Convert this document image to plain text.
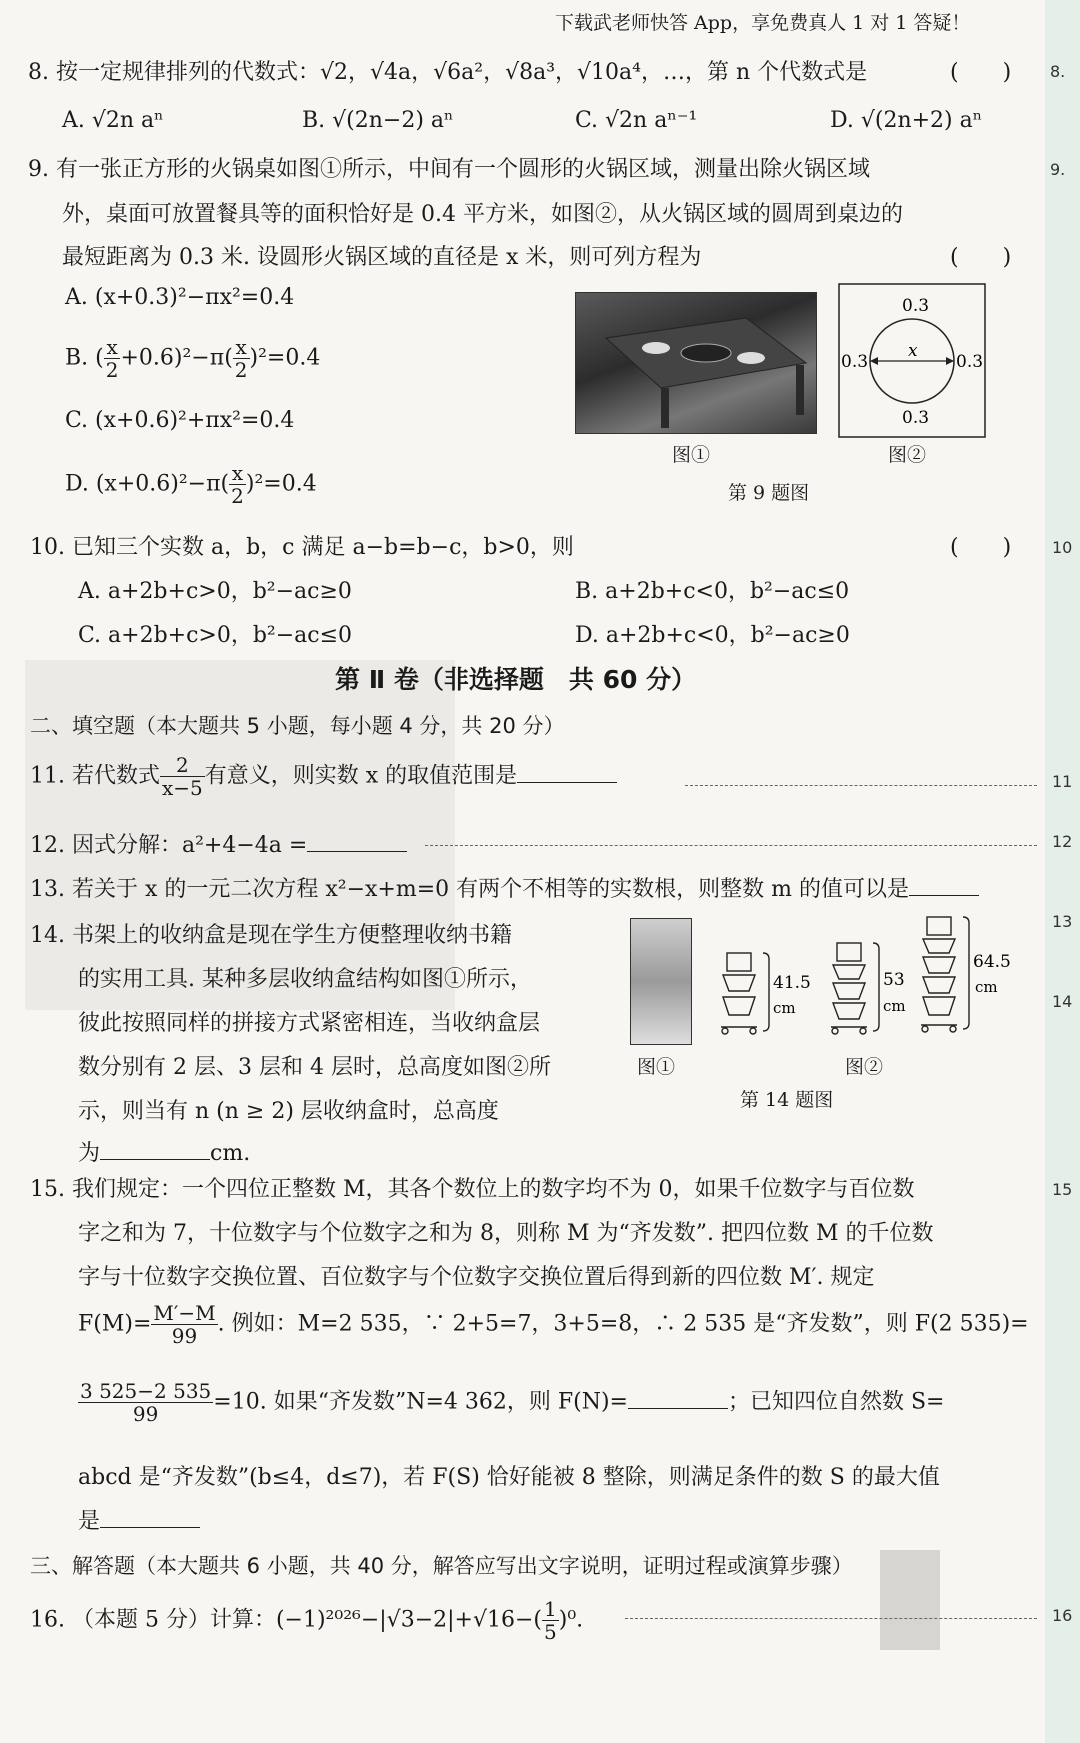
下载武老师快答 App，享免费真人 1 对 1 答疑！
8. 按一定规律排列的代数式：√2，√4a，√6a²，√8a³，√10a⁴，…，第 n 个代数式是	(　　) 8.
A. √2n aⁿ	B. √(2n−2) aⁿ	C. √2n aⁿ⁻¹	D. √(2n+2) aⁿ
9. 有一张正方形的火锅桌如图①所示，中间有一个圆形的火锅区域，测量出除火锅区域	9.
外，桌面可放置餐具等的面积恰好是 0.4 平方米，如图②，从火锅区域的圆周到桌边的
最短距离为 0.3 米. 设圆形火锅区域的直径是 x 米，则可列方程为	(　　)
A. (x+0.3)²−πx²=0.4
B. ( $\frac{x}{2} +0.6)^2-\pi( \frac{x}{2} )^2=0.4$
C. (x+0.6)²+πx²=0.4
D. $(x+0.6)^2-\pi( \frac{x}{2} )^2=0.4$
图①
0.3
0.3
0.3	0.3
x
图②
第 9 题图
10. 已知三个实数 a，b，c 满足 a−b=b−c，b>0，则	(　　)	10
A. a+2b+c>0，b²−ac≥0	B. a+2b+c<0，b²−ac≤0
C. a+2b+c>0，b²−ac≤0	D. a+2b+c<0，b²−ac≥0
第 Ⅱ 卷（非选择题　共 60 分）
二、填空题（本大题共 5 小题，每小题 4 分，共 20 分）
11. 若代数式 $\frac{2}{x-5}$ 有意义，则实数 x 的取值范围是	11
12. 因式分解：a²+4−4a =	12
13. 若关于 x 的一元二次方程 x²−x+m=0 有两个不相等的实数根，则整数 m 的值可以是
13
14
14. 书架上的收纳盒是现在学生方便整理收纳书籍
的实用工具. 某种多层收纳盒结构如图①所示，
彼此按照同样的拼接方式紧密相连，当收纳盒层
数分别有 2 层、3 层和 4 层时，总高度如图②所
示，则当有 n (n ≥ 2) 层收纳盒时，总高度
为	cm.
图①
41.5
cm
53
cm
64.5
cm
图②
第 14 题图
15. 我们规定：一个四位正整数 M，其各个数位上的数字均不为 0，如果千位数字与百位数	15
字之和为 7，十位数字与个位数字之和为 8，则称 M 为“齐发数”. 把四位数 M 的千位数
字与十位数字交换位置、百位数字与个位数字交换位置后得到新的四位数 M′. 规定
$F(M)= \frac{M'-M}{99}$ . 例如：M=2 535，∵ 2+5=7，3+5=8，∴ 2 535 是“齐发数”，则 F(2 535)=
$\frac{3 525-2 535}{99} =10$. 如果“齐发数”N=4 362，则 F(N)=	；已知四位自然数 S=
abcd 是“齐发数”(b≤4，d≤7)，若 F(S) 恰好能被 8 整除，则满足条件的数 S 的最大值
是
三、解答题（本大题共 6 小题，共 40 分，解答应写出文字说明，证明过程或演算步骤）
16. （本题 5 分）计算：$(-1)^{2026}-|√3-2|+√16-( \frac{1}{5} )^0$.	16
